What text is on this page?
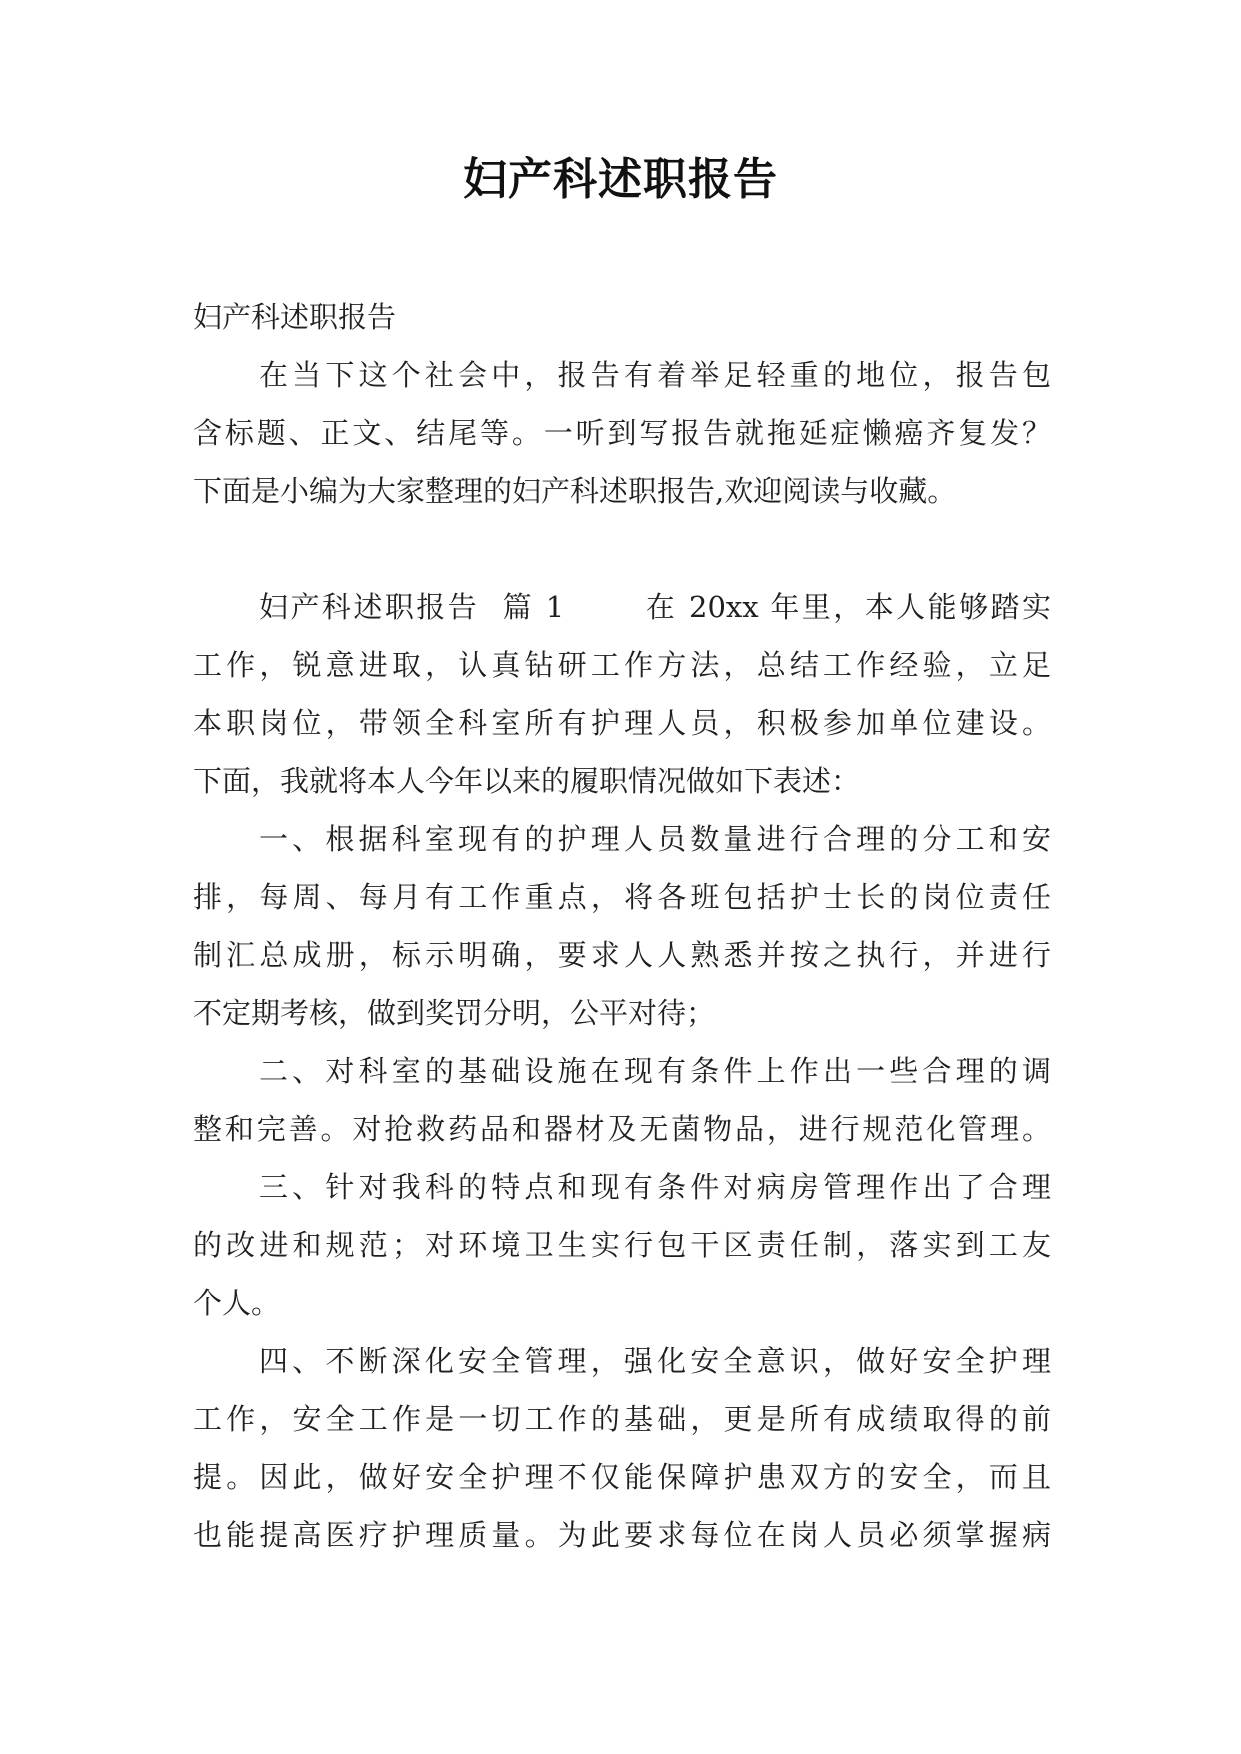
妇产科述职报告
妇产科述职报告
在当下这个社会中，报告有着举足轻重的地位，报告包
含标题、正文、结尾等。一听到写报告就拖延症懒癌齐复发？
下面是小编为大家整理的妇产科述职报告,欢迎阅读与收藏。
妇产科述职报告  篇 1       在 20xx 年里，本人能够踏实
工作，锐意进取，认真钻研工作方法，总结工作经验，立足
本职岗位，带领全科室所有护理人员，积极参加单位建设。
下面，我就将本人今年以来的履职情况做如下表述：
一、根据科室现有的护理人员数量进行合理的分工和安
排，每周、每月有工作重点，将各班包括护士长的岗位责任
制汇总成册，标示明确，要求人人熟悉并按之执行，并进行
不定期考核，做到奖罚分明，公平对待；
二、对科室的基础设施在现有条件上作出一些合理的调
整和完善。对抢救药品和器材及无菌物品，进行规范化管理。
三、针对我科的特点和现有条件对病房管理作出了合理
的改进和规范；对环境卫生实行包干区责任制，落实到工友
个人。
四、不断深化安全管理，强化安全意识，做好安全护理
工作，安全工作是一切工作的基础，更是所有成绩取得的前
提。因此，做好安全护理不仅能保障护患双方的安全，而且
也能提高医疗护理质量。为此要求每位在岗人员必须掌握病
